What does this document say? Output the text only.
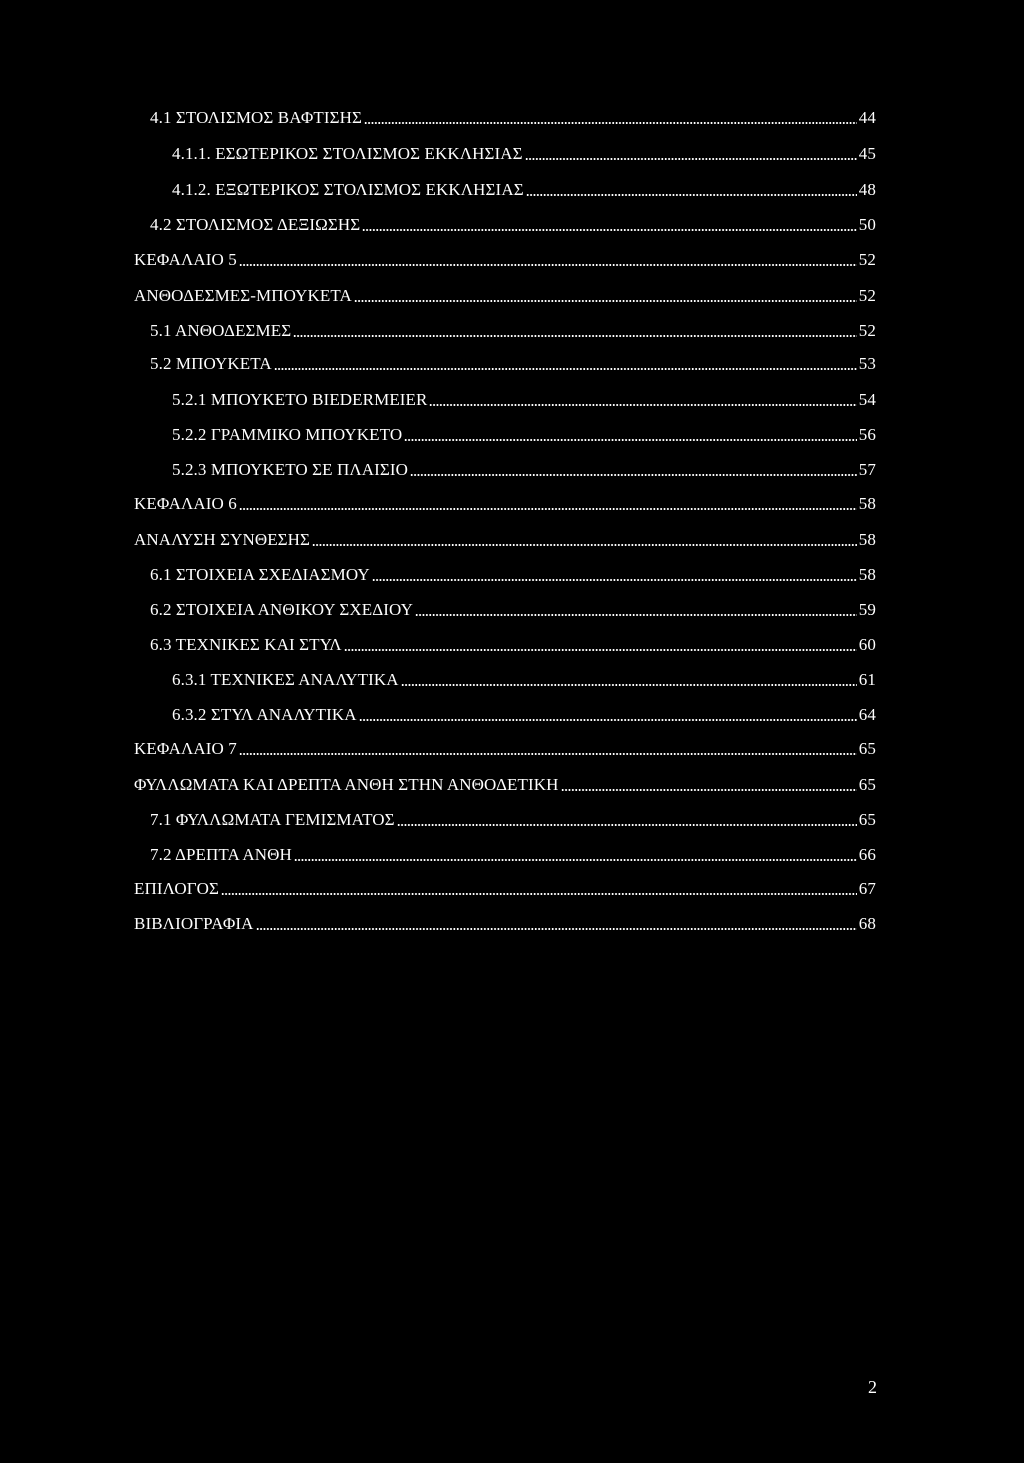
4.1 ΣΤΟΛΙΣΜΟΣ ΒΑΦΤΙΣΗΣ	44
4.1.1. ΕΣΩΤΕΡΙΚΟΣ ΣΤΟΛΙΣΜΟΣ ΕΚΚΛΗΣΙΑΣ	45
4.1.2. ΕΞΩΤΕΡΙΚΟΣ ΣΤΟΛΙΣΜΟΣ ΕΚΚΛΗΣΙΑΣ	48
4.2 ΣΤΟΛΙΣΜΟΣ ΔΕΞΙΩΣΗΣ	50
ΚΕΦΑΛΑΙΟ 5	52
ΑΝΘΟΔΕΣΜΕΣ-ΜΠΟΥΚΕΤΑ	52
5.1 ΑΝΘΟΔΕΣΜΕΣ	52
5.2 ΜΠΟΥΚΕΤΑ	53
5.2.1 ΜΠΟΥΚΕΤΟ BIEDERMEIER	54
5.2.2 ΓΡΑΜΜΙΚΟ ΜΠΟΥΚΕΤΟ	56
5.2.3 ΜΠΟΥΚΕΤΟ ΣΕ ΠΛΑΙΣΙΟ	57
ΚΕΦΑΛΑΙΟ 6	58
ΑΝΑΛΥΣΗ ΣΥΝΘΕΣΗΣ	58
6.1 ΣΤΟΙΧΕΙΑ ΣΧΕΔΙΑΣΜΟΥ	58
6.2 ΣΤΟΙΧΕΙΑ ΑΝΘΙΚΟΥ ΣΧΕΔΙΟΥ	59
6.3 ΤΕΧΝΙΚΕΣ ΚΑΙ ΣΤΥΛ	60
6.3.1 ΤΕΧΝΙΚΕΣ ΑΝΑΛΥΤΙΚΑ	61
6.3.2 ΣΤΥΛ ΑΝΑΛΥΤΙΚΑ	64
ΚΕΦΑΛΑΙΟ 7	65
ΦΥΛΛΩΜΑΤΑ ΚΑΙ ΔΡΕΠΤΑ ΑΝΘΗ ΣΤΗΝ ΑΝΘΟΔΕΤΙΚΗ	65
7.1 ΦΥΛΛΩΜΑΤΑ ΓΕΜΙΣΜΑΤΟΣ	65
7.2 ΔΡΕΠΤΑ ΑΝΘΗ	66
ΕΠΙΛΟΓΟΣ	67
ΒΙΒΛΙΟΓΡΑΦΙΑ	68
2
